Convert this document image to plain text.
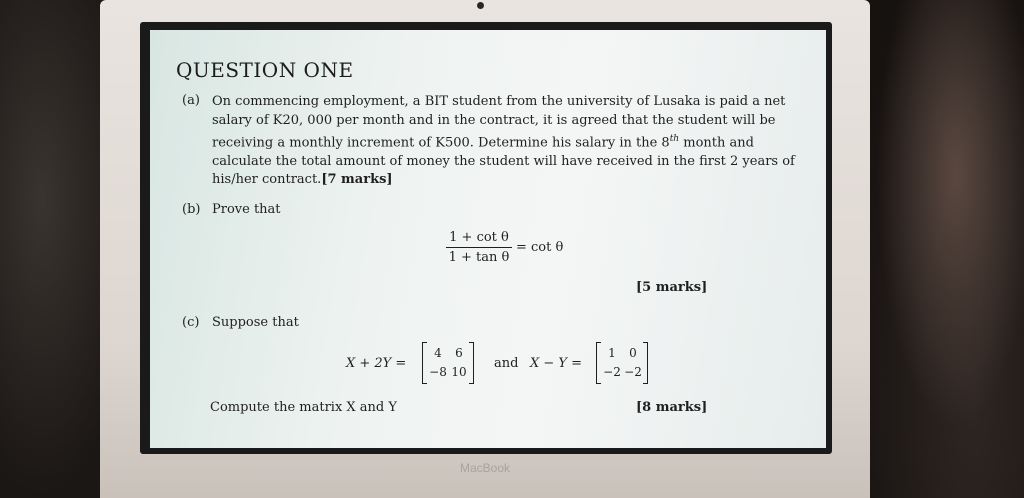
QUESTION ONE
(a) On commencing employment, a BIT student from the university of Lusaka is paid a net salary of K20, 000 per month and in the contract, it is agreed that the student will be receiving a monthly increment of K500. Determine his salary in the 8th month and calculate the total amount of money the student will have received in the first 2 years of his/her contract.[7 marks]
(b) Prove that
1 + cot θ
1 + tan θ
= cot θ
[5 marks]
(c) Suppose that
X + 2Y =
4	6
−8 10
and X − Y =
1	0
−2 −2
Compute the matrix X and Y	[8 marks]
MacBook
